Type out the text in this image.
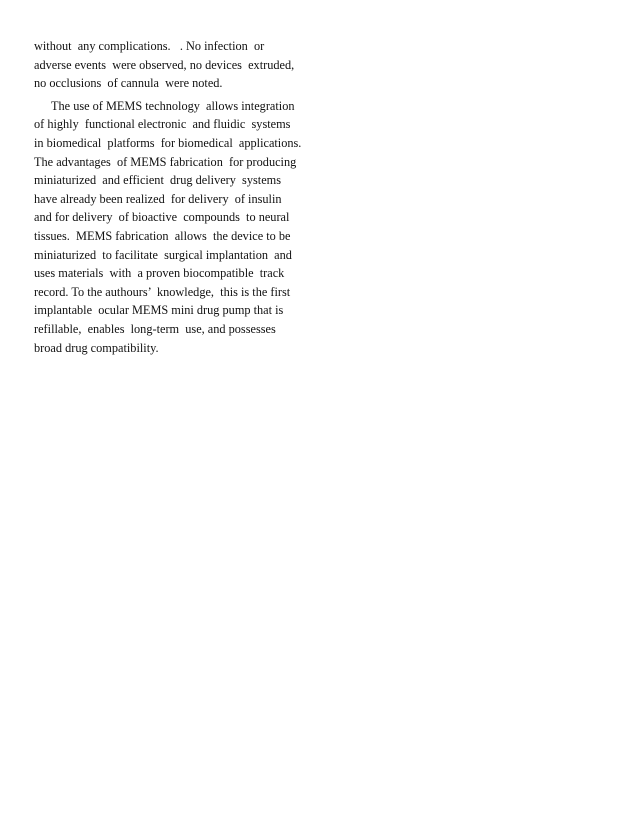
without  any complications.   . No infection  or
adverse events  were observed, no devices  extruded,
no occlusions  of cannula  were noted.
The use of MEMS technology  allows integration
of highly  functional electronic  and fluidic  systems
in biomedical  platforms  for biomedical  applications.
The advantages  of MEMS fabrication  for producing
miniaturized  and efficient  drug delivery  systems
have already been realized  for delivery  of insulin
and for delivery  of bioactive  compounds  to neural
tissues.  MEMS fabrication  allows  the device to be
miniaturized  to facilitate  surgical implantation  and
uses materials  with  a proven biocompatible  track
record. To the authours’  knowledge,  this is the first
implantable  ocular MEMS mini drug pump that is
refillable,  enables  long-term  use, and possesses
broad drug compatibility.
